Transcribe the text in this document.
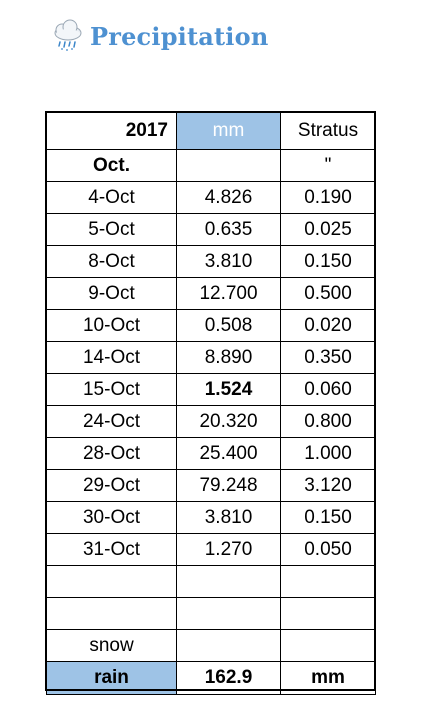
Precipitation
2017	mm	Stratus
Oct.		"
4-Oct	4.826	0.190
5-Oct	0.635	0.025
8-Oct	3.810	0.150
9-Oct	12.700	0.500
10-Oct	0.508	0.020
14-Oct	8.890	0.350
15-Oct	1.524	0.060
24-Oct	20.320	0.800
28-Oct	25.400	1.000
29-Oct	79.248	3.120
30-Oct	3.810	0.150
31-Oct	1.270	0.050

snow		
rain	162.9	mm
